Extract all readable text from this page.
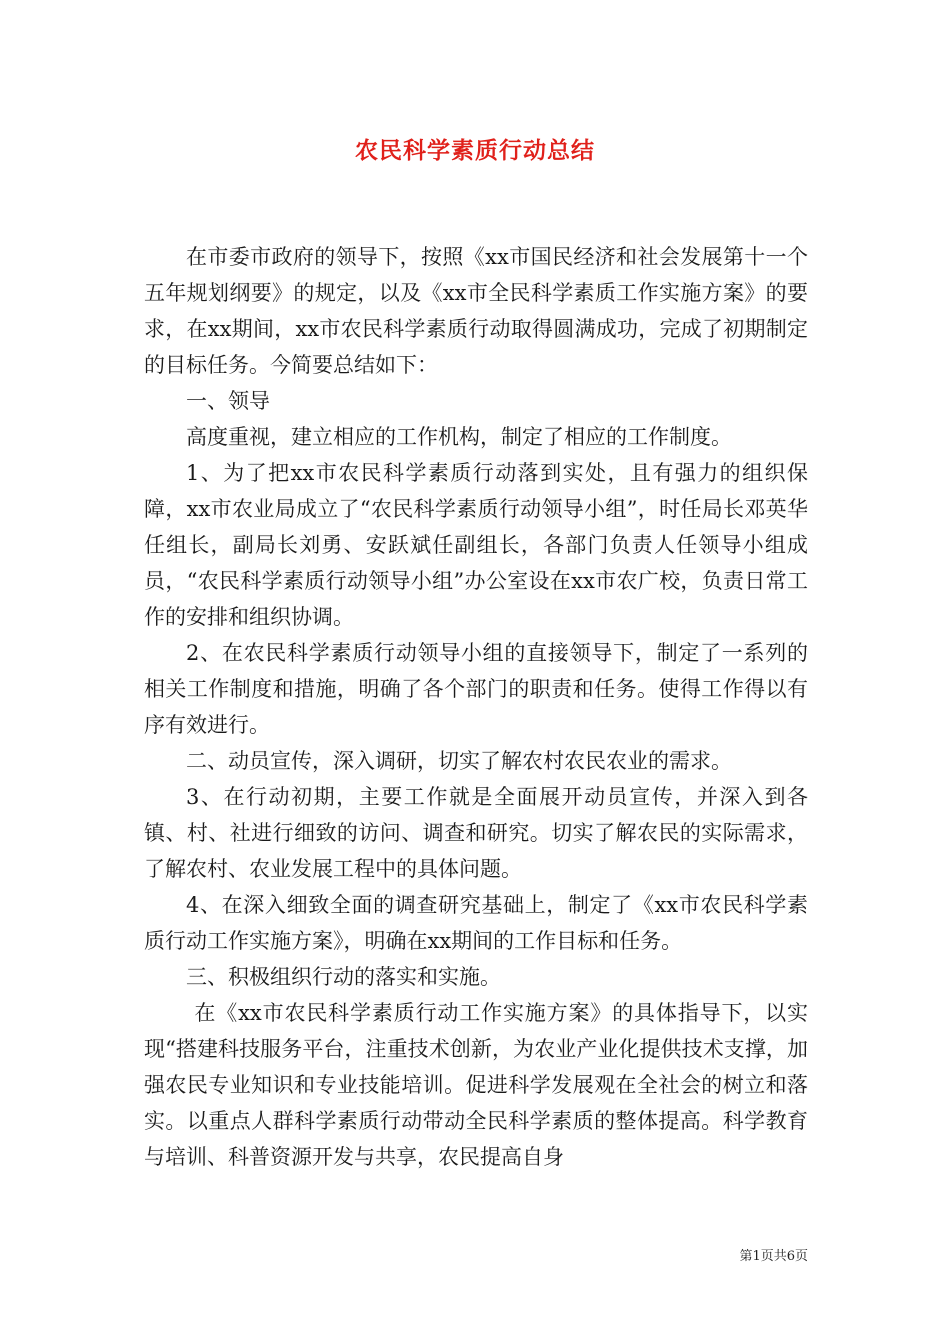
农民科学素质行动总结

在市委市政府的领导下，按照《xx市国民经济和社会发展第十一个五年规划纲要》的规定，以及《xx市全民科学素质工作实施方案》的要求，在xx期间，xx市农民科学素质行动取得圆满成功，完成了初期制定的目标任务。今简要总结如下：

一、领导

高度重视，建立相应的工作机构，制定了相应的工作制度。

1、为了把xx市农民科学素质行动落到实处，且有强力的组织保障，xx市农业局成立了“农民科学素质行动领导小组”，时任局长邓英华任组长，副局长刘勇、安跃斌任副组长，各部门负责人任领导小组成员，“农民科学素质行动领导小组”办公室设在xx市农广校，负责日常工作的安排和组织协调。

2、在农民科学素质行动领导小组的直接领导下，制定了一系列的相关工作制度和措施，明确了各个部门的职责和任务。使得工作得以有序有效进行。

二、动员宣传，深入调研，切实了解农村农民农业的需求。

3、在行动初期，主要工作就是全面展开动员宣传，并深入到各镇、村、社进行细致的访问、调查和研究。切实了解农民的实际需求，了解农村、农业发展工程中的具体问题。

4、在深入细致全面的调查研究基础上，制定了《xx市农民科学素质行动工作实施方案》，明确在xx期间的工作目标和任务。

三、积极组织行动的落实和实施。

在《xx市农民科学素质行动工作实施方案》的具体指导下，以实现“搭建科技服务平台，注重技术创新，为农业产业化提供技术支撑，加强农民专业知识和专业技能培训。促进科学发展观在全社会的树立和落实。以重点人群科学素质行动带动全民科学素质的整体提高。科学教育与培训、科普资源开发与共享，农民提高自身

第1页共6页
